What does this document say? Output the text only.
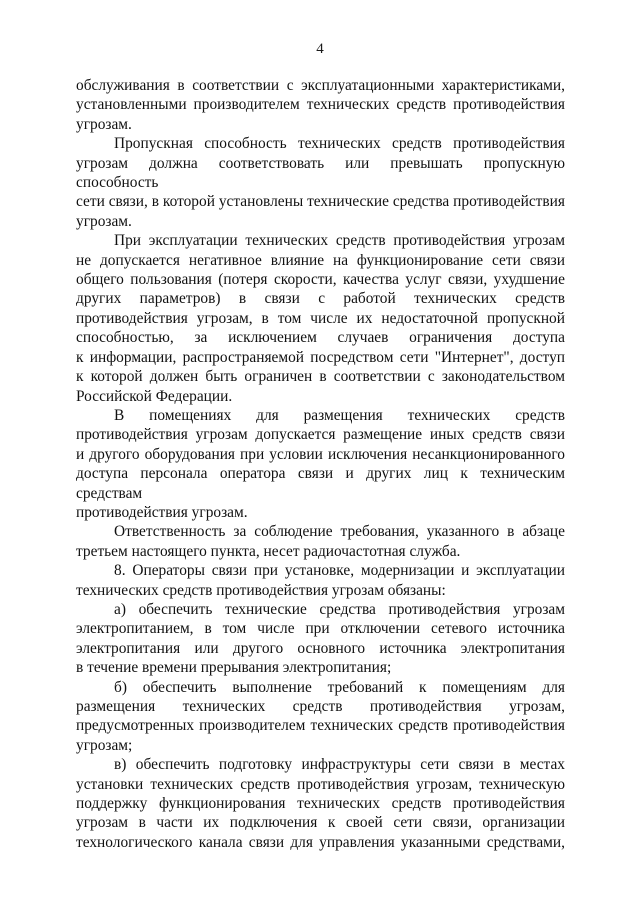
4
обслуживания в соответствии с эксплуатационными характеристиками,
установленными производителем технических средств противодействия
угрозам.
Пропускная способность технических средств противодействия
угрозам должна соответствовать или превышать пропускную способность
сети связи, в которой установлены технические средства противодействия
угрозам.
При эксплуатации технических средств противодействия угрозам
не допускается негативное влияние на функционирование сети связи
общего пользования (потеря скорости, качества услуг связи, ухудшение
других параметров) в связи с работой технических средств
противодействия угрозам, в том числе их недостаточной пропускной
способностью, за исключением случаев ограничения доступа
к информации, распространяемой посредством сети "Интернет", доступ
к которой должен быть ограничен в соответствии с законодательством
Российской Федерации.
В помещениях для размещения технических средств
противодействия угрозам допускается размещение иных средств связи
и другого оборудования при условии исключения несанкционированного
доступа персонала оператора связи и других лиц к техническим средствам
противодействия угрозам.
Ответственность за соблюдение требования, указанного в абзаце
третьем настоящего пункта, несет радиочастотная служба.
8. Операторы связи при установке, модернизации и эксплуатации
технических средств противодействия угрозам обязаны:
а) обеспечить технические средства противодействия угрозам
электропитанием, в том числе при отключении сетевого источника
электропитания или другого основного источника электропитания
в течение времени прерывания электропитания;
б) обеспечить выполнение требований к помещениям для
размещения технических средств противодействия угрозам,
предусмотренных производителем технических средств противодействия
угрозам;
в) обеспечить подготовку инфраструктуры сети связи в местах
установки технических средств противодействия угрозам, техническую
поддержку функционирования технических средств противодействия
угрозам в части их подключения к своей сети связи, организации
технологического канала связи для управления указанными средствами,
